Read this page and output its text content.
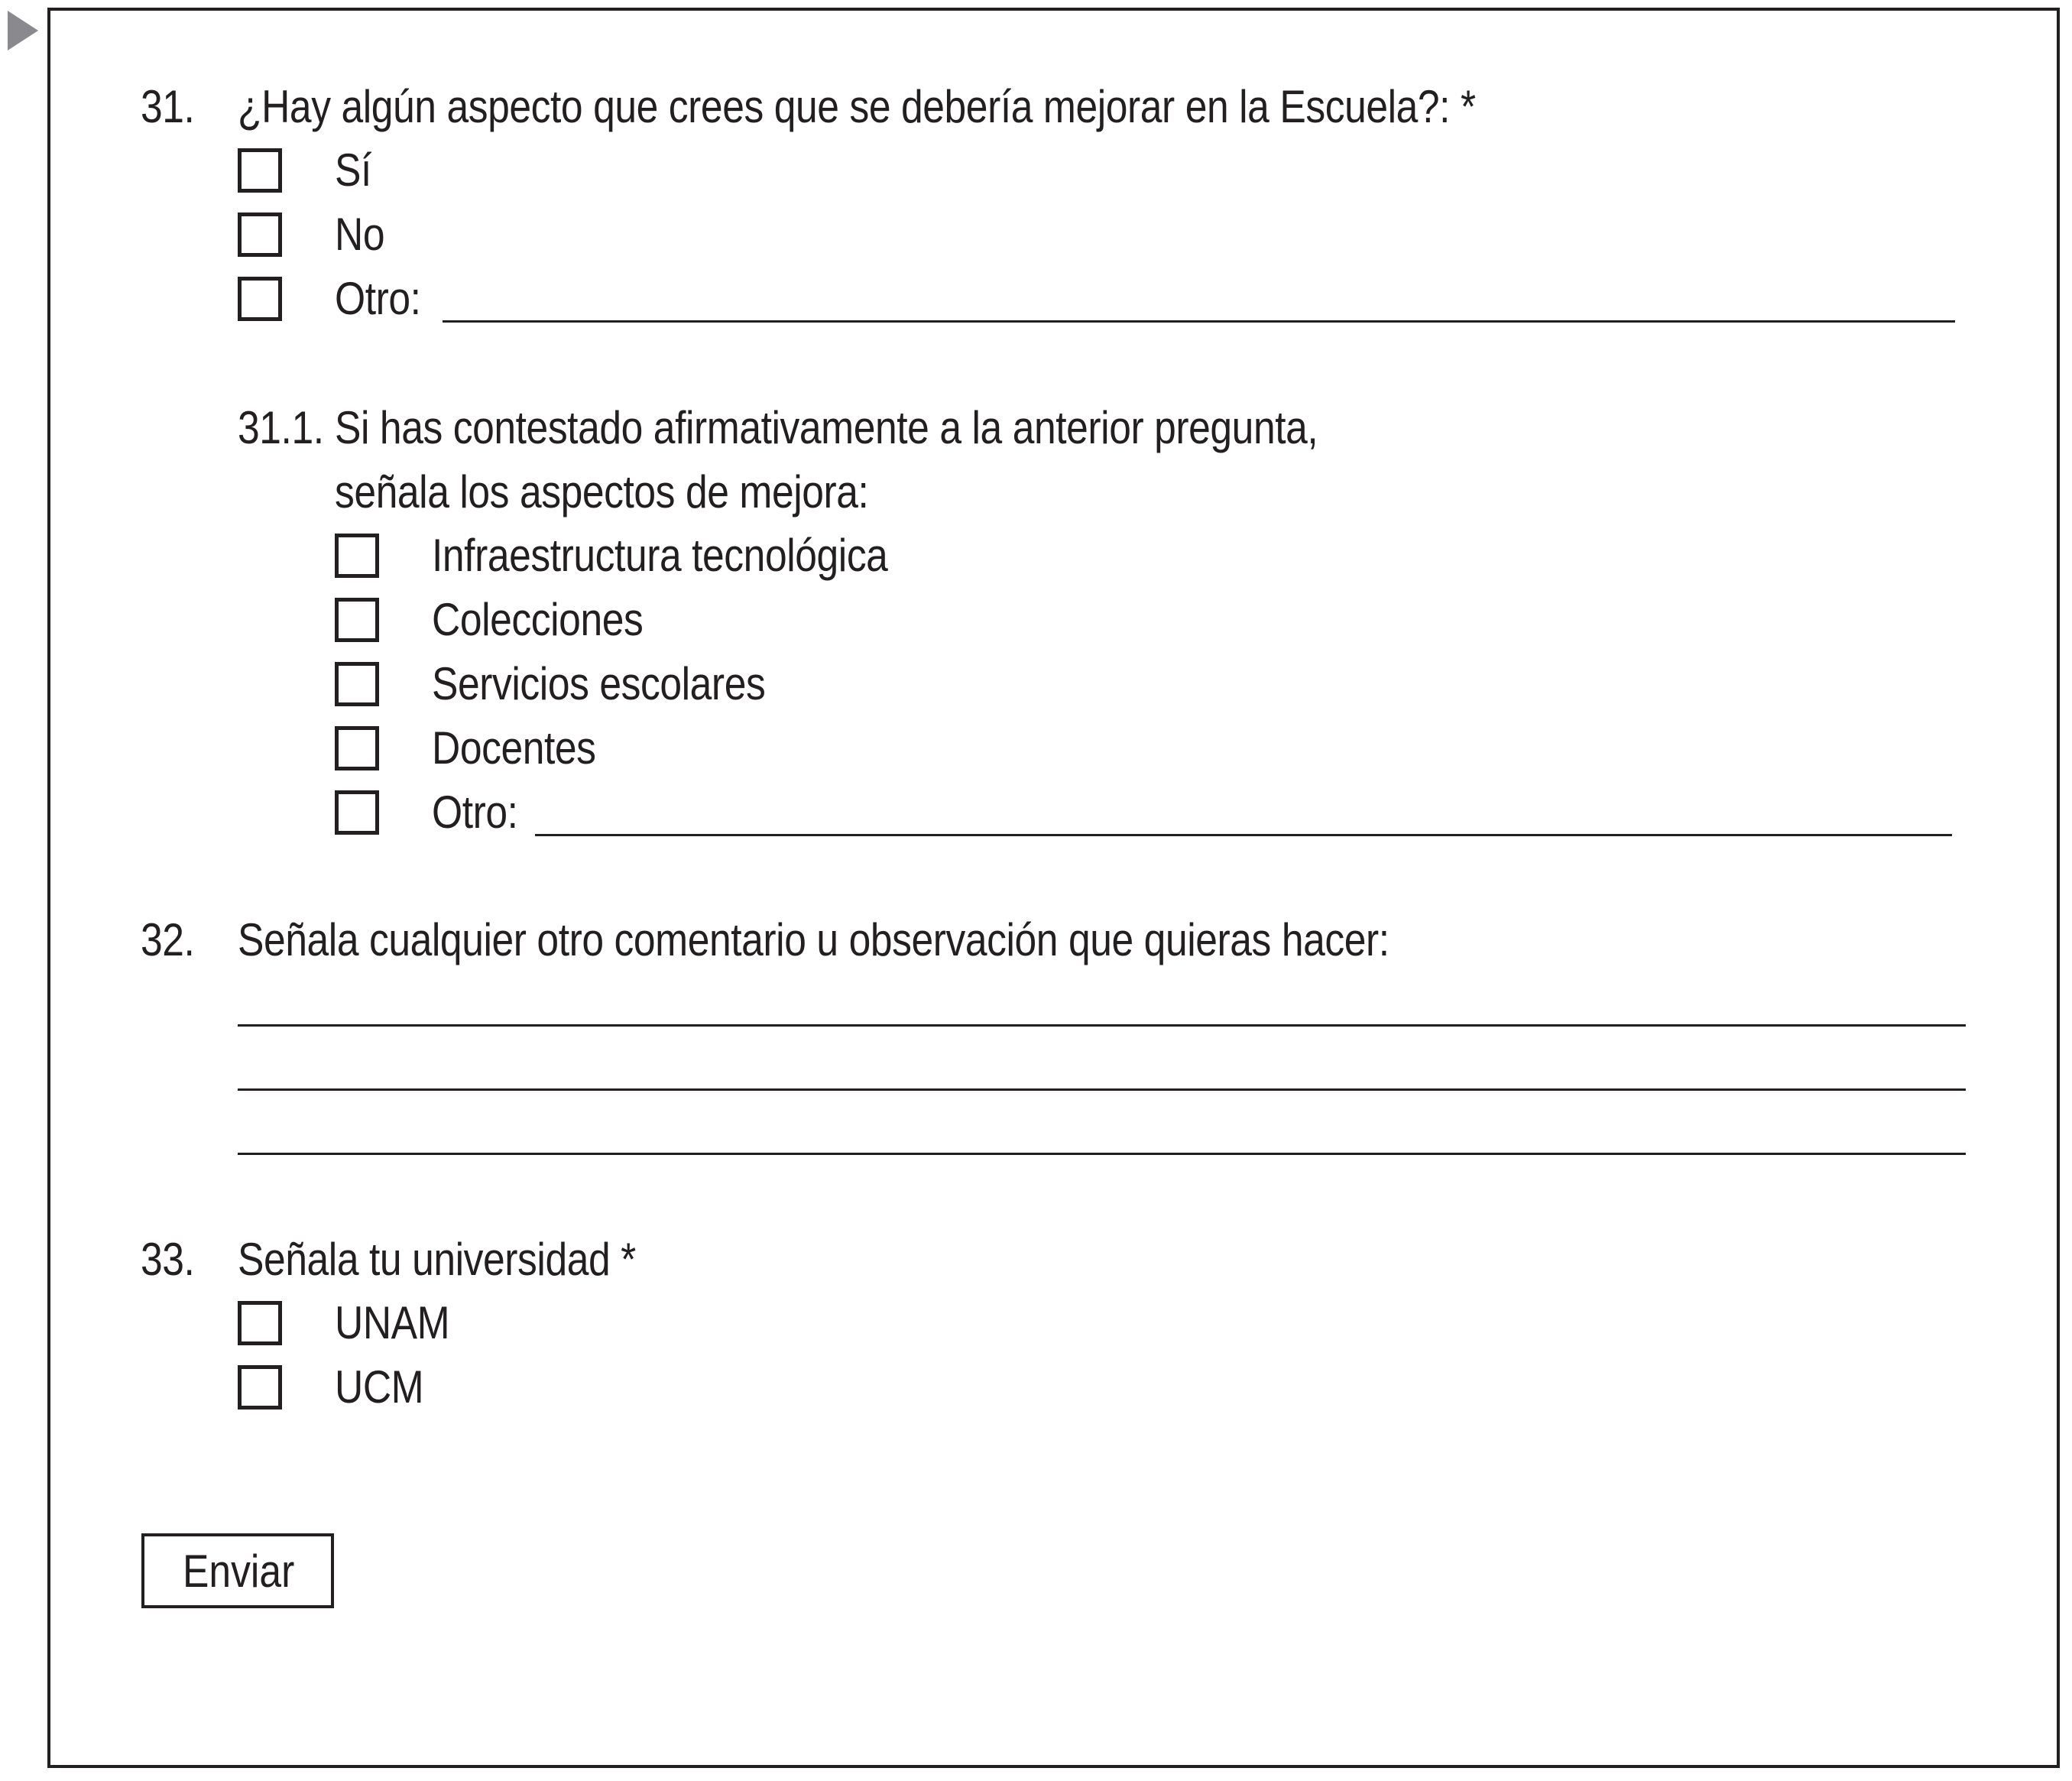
31. ¿Hay algún aspecto que crees que se debería mejorar en la Escuela?: *
Sí
No
Otro:
31.1. Si has contestado afirmativamente a la anterior pregunta,
señala los aspectos de mejora:
Infraestructura tecnológica
Colecciones
Servicios escolares
Docentes
Otro:
32. Señala cualquier otro comentario u observación que quieras hacer:
33. Señala tu universidad *
UNAM
UCM
Enviar
